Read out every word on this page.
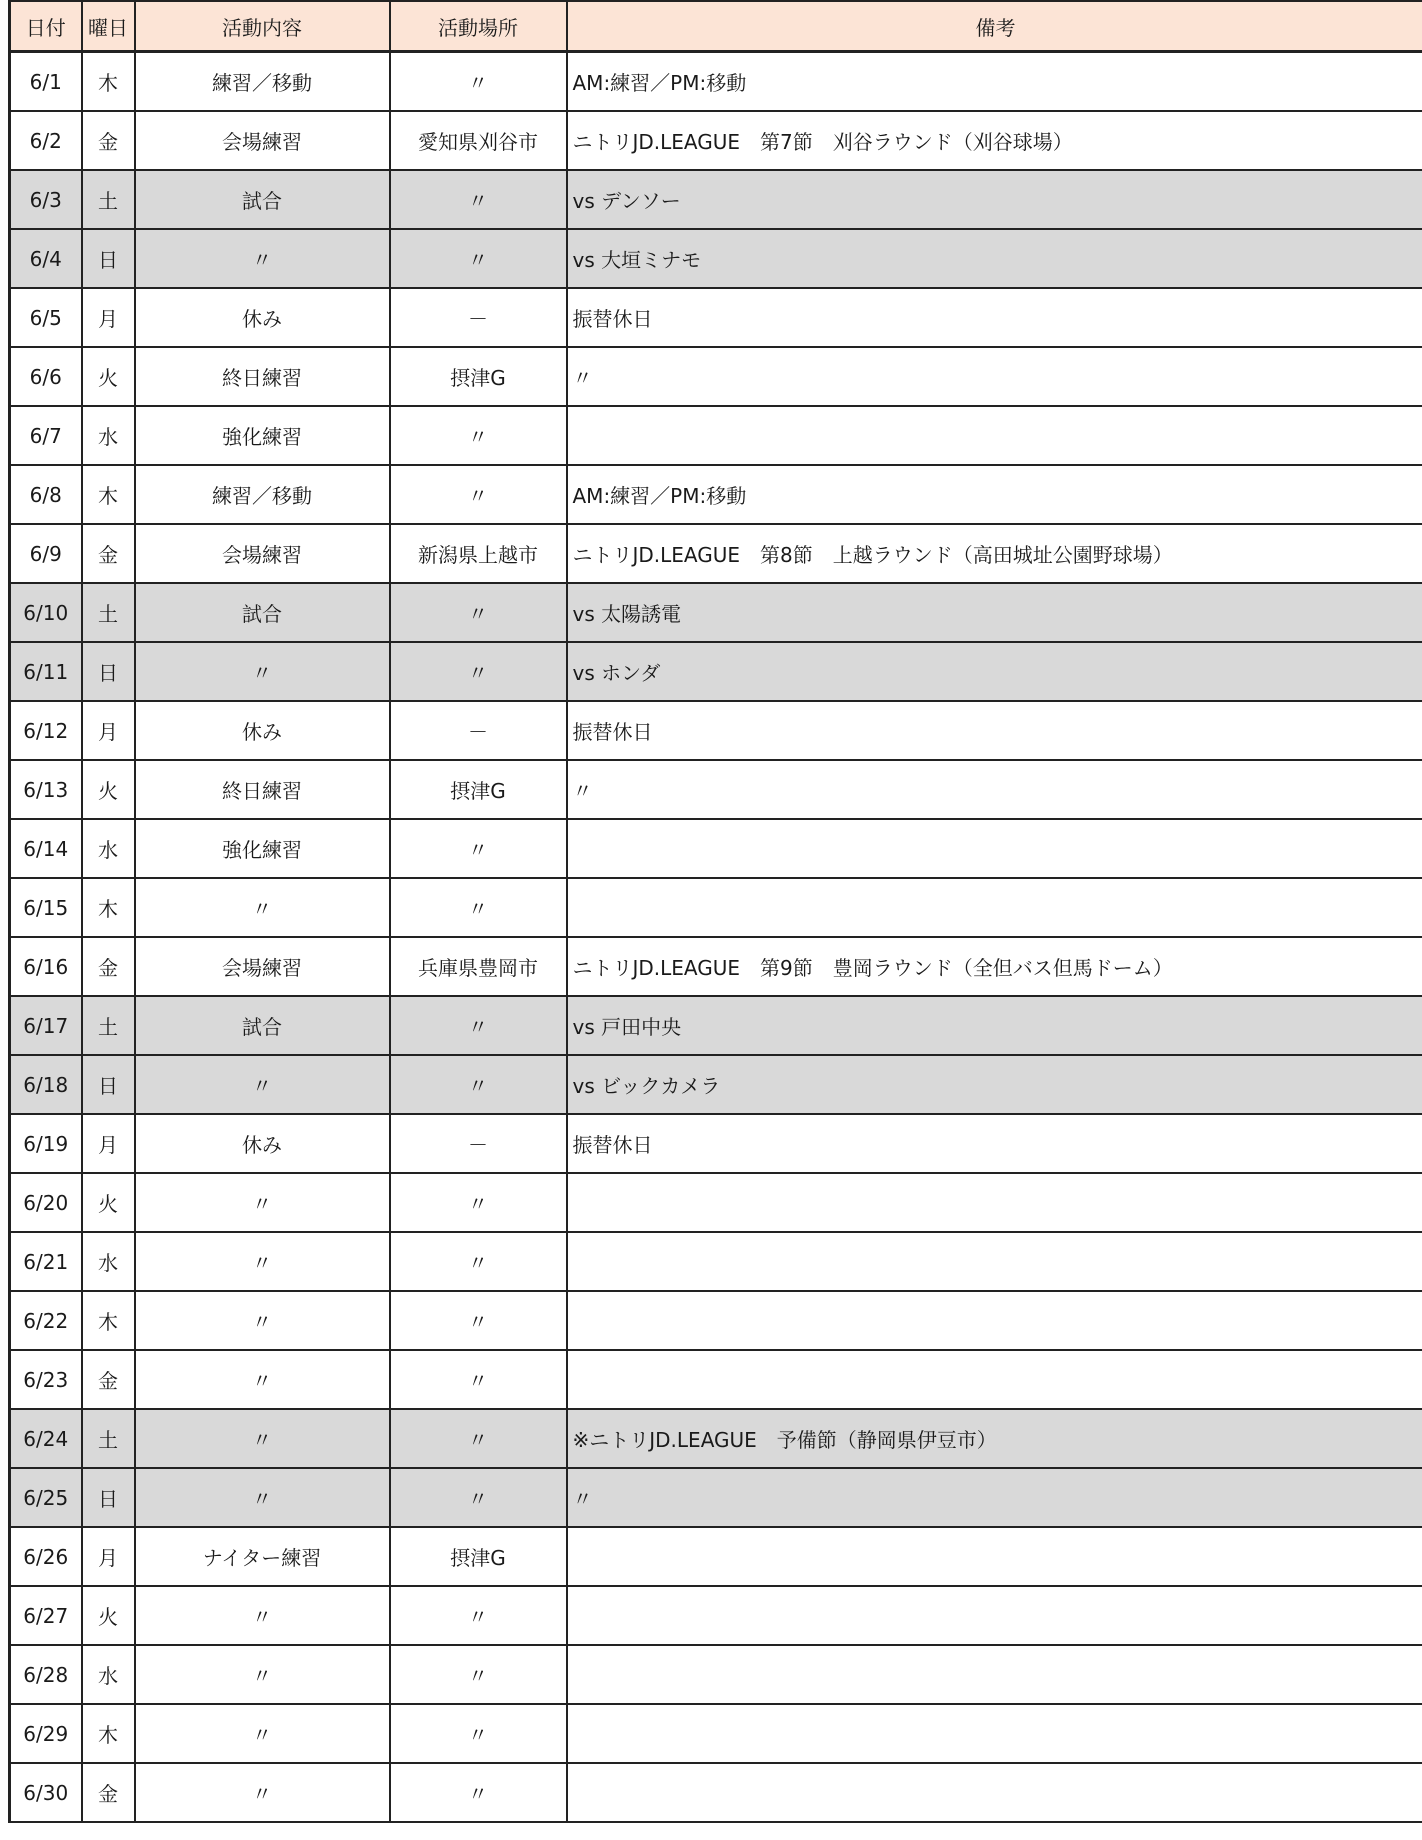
日付	曜日	活動内容	活動場所	備考
6/1	木	練習／移動	〃	AM:練習／PM:移動
6/2	金	会場練習	愛知県刈谷市	ニトリJD.LEAGUE　第7節　刈谷ラウンド（刈谷球場）
6/3	土	試合	〃	vs デンソー
6/4	日	〃	〃	vs 大垣ミナモ
6/5	月	休み	－	振替休日
6/6	火	終日練習	摂津G	〃
6/7	水	強化練習	〃	
6/8	木	練習／移動	〃	AM:練習／PM:移動
6/9	金	会場練習	新潟県上越市	ニトリJD.LEAGUE　第8節　上越ラウンド（高田城址公園野球場）
6/10	土	試合	〃	vs 太陽誘電
6/11	日	〃	〃	vs ホンダ
6/12	月	休み	－	振替休日
6/13	火	終日練習	摂津G	〃
6/14	水	強化練習	〃	
6/15	木	〃	〃	
6/16	金	会場練習	兵庫県豊岡市	ニトリJD.LEAGUE　第9節　豊岡ラウンド（全但バス但馬ドーム）
6/17	土	試合	〃	vs 戸田中央
6/18	日	〃	〃	vs ビックカメラ
6/19	月	休み	－	振替休日
6/20	火	〃	〃	
6/21	水	〃	〃	
6/22	木	〃	〃	
6/23	金	〃	〃	
6/24	土	〃	〃	※ニトリJD.LEAGUE　予備節（静岡県伊豆市）
6/25	日	〃	〃	〃
6/26	月	ナイター練習	摂津G	
6/27	火	〃	〃	
6/28	水	〃	〃	
6/29	木	〃	〃	
6/30	金	〃	〃	
